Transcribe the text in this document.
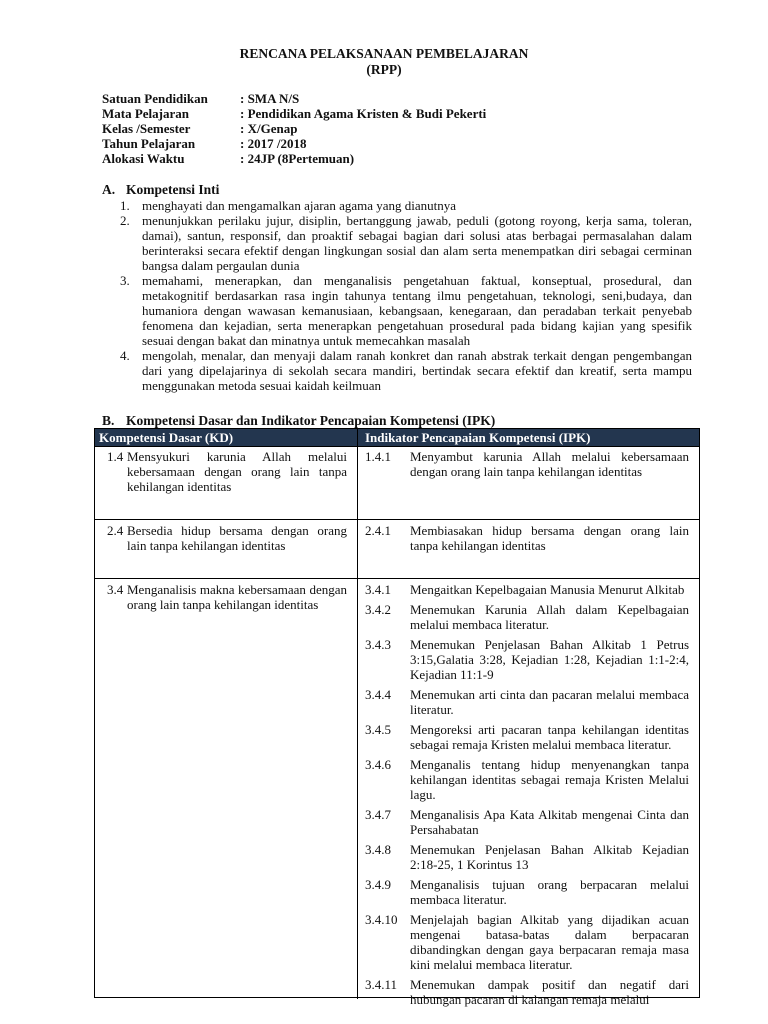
RENCANA PELAKSANAAN PEMBELAJARAN
(RPP)
Satuan Pendidikan : SMA N/S
Mata Pelajaran	: Pendidikan Agama Kristen & Budi Pekerti
Kelas /Semester	: X/Genap
Tahun Pelajaran	: 2017 /2018
Alokasi Waktu	: 24JP (8Pertemuan)
A. Kompetensi Inti
1. menghayati dan mengamalkan ajaran agama yang dianutnya
2. menunjukkan perilaku jujur, disiplin, bertanggung jawab, peduli (gotong royong, kerja sama, toleran, damai), santun, responsif, dan proaktif sebagai bagian dari solusi atas berbagai permasalahan dalam berinteraksi secara efektif dengan lingkungan sosial dan alam serta menempatkan diri sebagai cerminan bangsa dalam pergaulan dunia
3. memahami, menerapkan, dan menganalisis pengetahuan faktual, konseptual, prosedural, dan metakognitif berdasarkan rasa ingin tahunya tentang ilmu pengetahuan, teknologi, seni,budaya, dan humaniora dengan wawasan kemanusiaan, kebangsaan, kenegaraan, dan peradaban terkait penyebab fenomena dan kejadian, serta menerapkan pengetahuan prosedural pada bidang kajian yang spesifik sesuai dengan bakat dan minatnya untuk memecahkan masalah
4. mengolah, menalar, dan menyaji dalam ranah konkret dan ranah abstrak terkait dengan pengembangan dari yang dipelajarinya di sekolah secara mandiri, bertindak secara efektif dan kreatif, serta mampu menggunakan metoda sesuai kaidah keilmuan
B. Kompetensi Dasar dan Indikator Pencapaian Kompetensi (IPK)
Kompetensi Dasar (KD)	Indikator Pencapaian Kompetensi (IPK)
1.4 Mensyukuri karunia Allah melalui kebersamaan dengan orang lain tanpa kehilangan identitas
1.4.1	Menyambut karunia Allah melalui kebersamaan dengan orang lain tanpa kehilangan identitas
2.4 Bersedia hidup bersama dengan orang lain tanpa kehilangan identitas
2.4.1	Membiasakan hidup bersama dengan orang lain tanpa kehilangan identitas
3.4 Menganalisis makna kebersamaan dengan orang lain tanpa kehilangan identitas
3.4.1	Mengaitkan Kepelbagaian Manusia Menurut Alkitab
3.4.2	Menemukan Karunia Allah dalam Kepelbagaian melalui membaca literatur.
3.4.3	Menemukan Penjelasan Bahan Alkitab 1 Petrus 3:15,Galatia 3:28, Kejadian 1:28, Kejadian 1:1-2:4, Kejadian 11:1-9
3.4.4	Menemukan arti cinta dan pacaran melalui membaca literatur.
3.4.5	Mengoreksi arti pacaran tanpa kehilangan identitas sebagai remaja Kristen melalui membaca literatur.
3.4.6	Menganalis tentang hidup menyenangkan tanpa kehilangan identitas sebagai remaja Kristen Melalui lagu.
3.4.7	Menganalisis Apa Kata Alkitab mengenai Cinta dan Persahabatan
3.4.8	Menemukan Penjelasan Bahan Alkitab Kejadian 2:18-25, 1 Korintus 13
3.4.9	Menganalisis tujuan orang berpacaran melalui membaca literatur.
3.4.10 Menjelajah bagian Alkitab yang dijadikan acuan mengenai batasa-batas dalam berpacaran dibandingkan dengan gaya berpacaran remaja masa kini melalui membaca literatur.
3.4.11 Menemukan dampak positif dan negatif dari hubungan pacaran di kalangan remaja melalui
